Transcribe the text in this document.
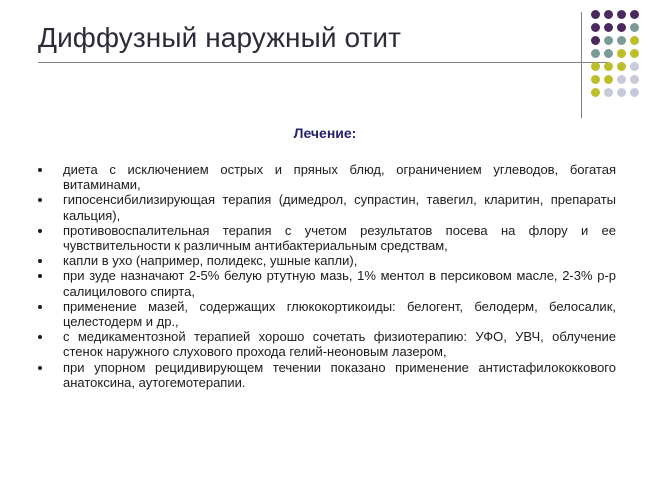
Диффузный наружный отит
Лечение:
диета с исключением острых и пряных блюд, ограничением углеводов, богатая витаминами,
гипосенсибилизирующая терапия (димедрол, супрастин, тавегил, кларитин, препараты кальция),
противовоспалительная терапия с учетом результатов посева на флору и ее чувствительности к различным антибактериальным средствам,
капли в ухо (например, полидекс, ушные капли),
при зуде назначают 2-5% белую ртутную мазь, 1% ментол в персиковом масле, 2-3% р-р салицилового спирта,
применение мазей, содержащих глюкокортикоиды: белогент, белодерм, белосалик, целестодерм и др.,
с медикаментозной терапией хорошо сочетать физиотерапию: УФО, УВЧ, облучение стенок наружного слухового прохода гелий-неоновым лазером,
при упорном рецидивирующем течении показано применение антистафилококкового анатоксина, аутогемотерапии.
